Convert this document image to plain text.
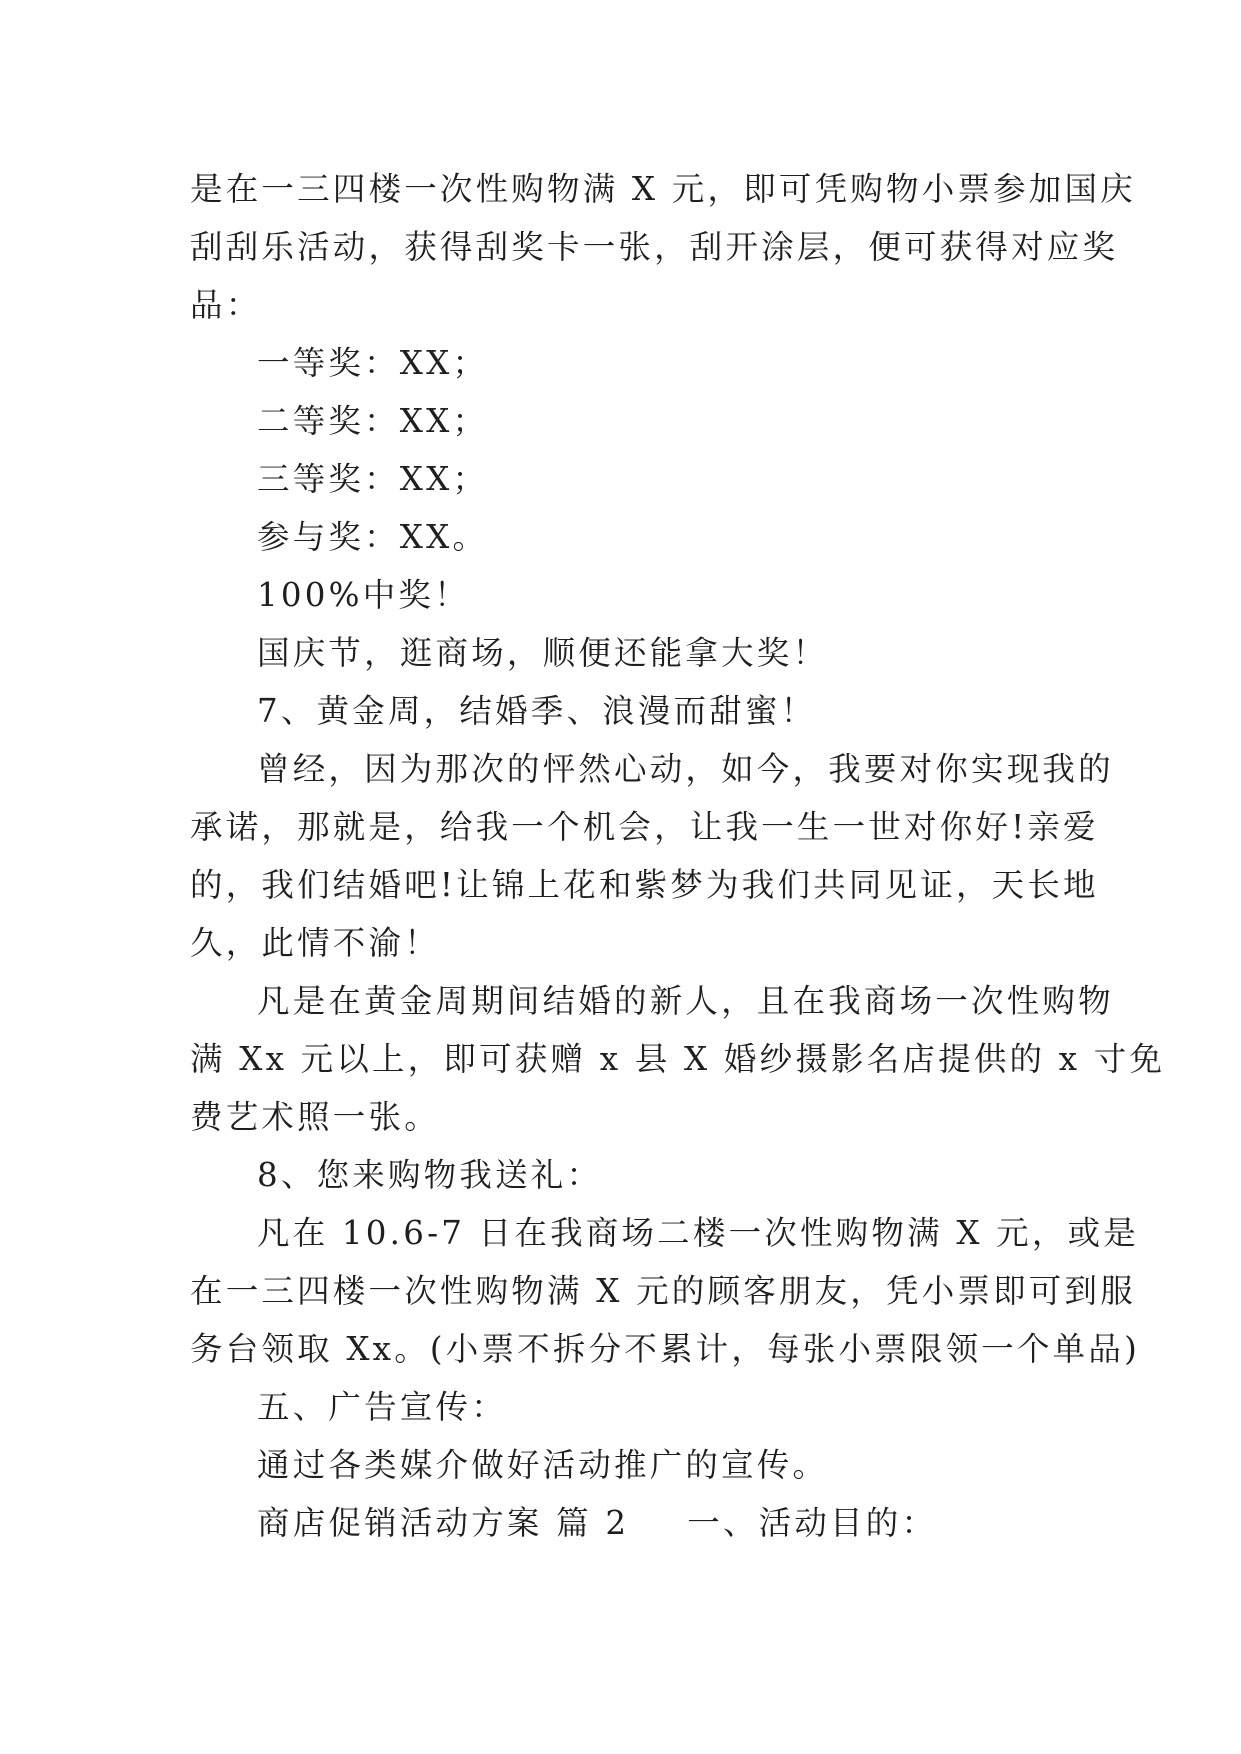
是在一三四楼一次性购物满 X 元，即可凭购物小票参加国庆

刮刮乐活动，获得刮奖卡一张，刮开涂层，便可获得对应奖

品：

一等奖：XX；

二等奖：XX；

三等奖：XX；

参与奖：XX。

100%中奖！

国庆节，逛商场，顺便还能拿大奖！

7、黄金周，结婚季、浪漫而甜蜜！

曾经，因为那次的怦然心动，如今，我要对你实现我的

承诺，那就是，给我一个机会，让我一生一世对你好!亲爱

的，我们结婚吧!让锦上花和紫梦为我们共同见证，天长地

久，此情不渝！

凡是在黄金周期间结婚的新人，且在我商场一次性购物

满 Xx 元以上，即可获赠 x 县 X 婚纱摄影名店提供的 x 寸免

费艺术照一张。

8、您来购物我送礼：

凡在 10.6-7 日在我商场二楼一次性购物满 X 元，或是

在一三四楼一次性购物满 X 元的顾客朋友，凭小票即可到服

务台领取 Xx。(小票不拆分不累计，每张小票限领一个单品)

五、广告宣传：

通过各类媒介做好活动推广的宣传。

商店促销活动方案 篇 2 一、活动目的：
